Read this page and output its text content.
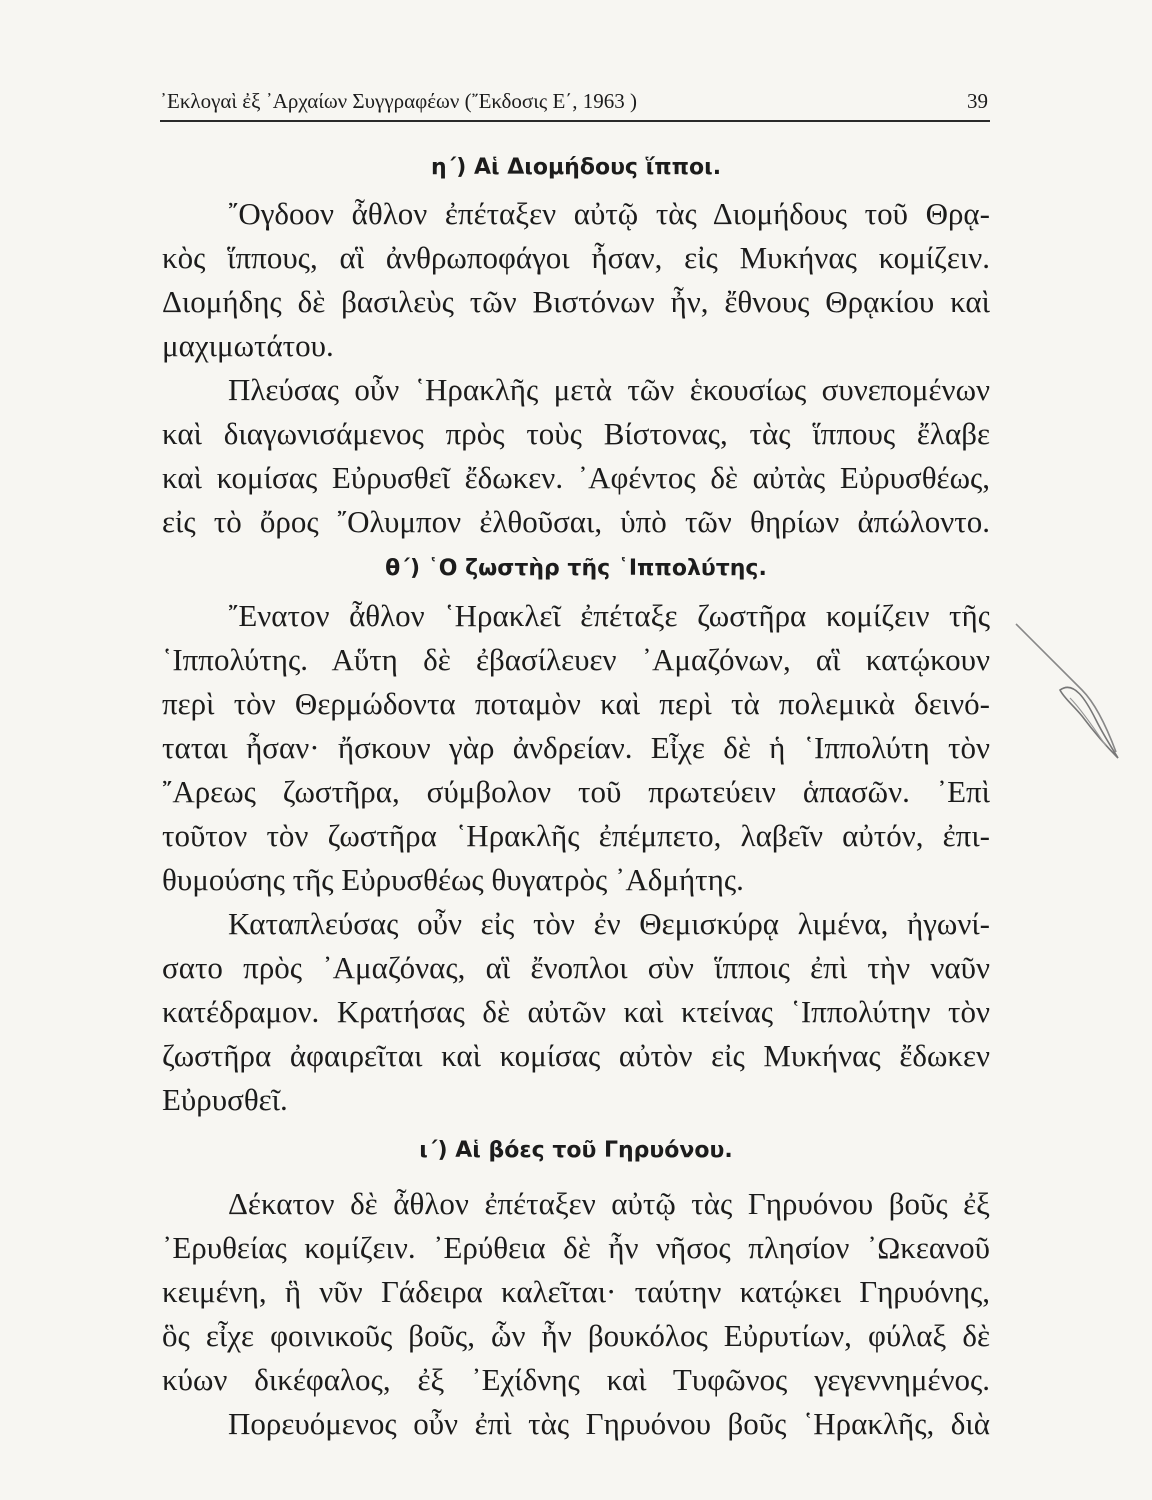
᾿Εκλογαὶ ἐξ ᾿Αρχαίων Συγγραφέων (῎Εκδοσις Ε΄, 1963 )	39
η΄) Αἱ Διομήδους ἵπποι.
῎Ογδοον ἆθλον ἐπέταξεν αὐτῷ τὰς Διομήδους τοῦ Θρᾳ-
κὸς ἵππους, αἳ ἀνθρωποφάγοι ἦσαν, εἰς Μυκήνας κομίζειν.
Διομήδης δὲ βασιλεὺς τῶν Βιστόνων ἦν, ἔθνους Θρᾳκίου καὶ
μαχιμωτάτου.
Πλεύσας οὖν ῾Ηρακλῆς μετὰ τῶν ἑκουσίως συνεπομένων
καὶ διαγωνισάμενος πρὸς τοὺς Βίστονας, τὰς ἵππους ἔλαβε
καὶ κομίσας Εὐρυσθεῖ ἔδωκεν. ᾿Αφέντος δὲ αὐτὰς Εὐρυσθέως,
εἰς τὸ ὄρος ῎Ολυμπον ἐλθοῦσαι, ὑπὸ τῶν θηρίων ἀπώλοντο.
θ΄) ῾Ο ζωστὴρ τῆς ῾Ιππολύτης.
῎Ενατον ἆθλον ῾Ηρακλεῖ ἐπέταξε ζωστῆρα κομίζειν τῆς
῾Ιππολύτης. Αὕτη δὲ ἐβασίλευεν ᾿Αμαζόνων, αἳ κατῴκουν
περὶ τὸν Θερμώδοντα ποταμὸν καὶ περὶ τὰ πολεμικὰ δεινό-
ταται ἦσαν· ἤσκουν γὰρ ἀνδρείαν. Εἶχε δὲ ἡ ῾Ιππολύτη τὸν
῎Αρεως ζωστῆρα, σύμβολον τοῦ πρωτεύειν ἁπασῶν. ᾿Επὶ
τοῦτον τὸν ζωστῆρα ῾Ηρακλῆς ἐπέμπετο, λαβεῖν αὐτόν, ἐπι-
θυμούσης τῆς Εὐρυσθέως θυγατρὸς ᾿Αδμήτης.
Καταπλεύσας οὖν εἰς τὸν ἐν Θεμισκύρᾳ λιμένα, ἠγωνί-
σατο πρὸς ᾿Αμαζόνας, αἳ ἔνοπλοι σὺν ἵπποις ἐπὶ τὴν ναῦν
κατέδραμον. Κρατήσας δὲ αὐτῶν καὶ κτείνας ῾Ιππολύτην τὸν
ζωστῆρα ἀφαιρεῖται καὶ κομίσας αὐτὸν εἰς Μυκήνας ἔδωκεν
Εὐρυσθεῖ.
ι΄) Αἱ βόες τοῦ Γηρυόνου.
Δέκατον δὲ ἆθλον ἐπέταξεν αὐτῷ τὰς Γηρυόνου βοῦς ἐξ
᾿Ερυθείας κομίζειν. ᾿Ερύθεια δὲ ἦν νῆσος πλησίον ᾿Ωκεανοῦ
κειμένη, ἣ νῦν Γάδειρα καλεῖται· ταύτην κατῴκει Γηρυόνης,
ὃς εἶχε φοινικοῦς βοῦς, ὧν ἦν βουκόλος Εὐρυτίων, φύλαξ δὲ
κύων δικέφαλος, ἐξ ᾿Εχίδνης καὶ Τυφῶνος γεγεννημένος.
Πορευόμενος οὖν ἐπὶ τὰς Γηρυόνου βοῦς ῾Ηρακλῆς, διὰ
